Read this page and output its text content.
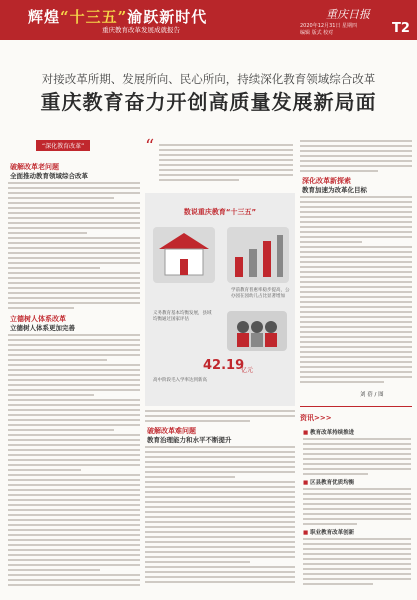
辉煌“十三五”渝跃新时代
重庆教育改革发展成就报告
重庆日报
2020年12月31日 星期四
编辑 版式 校对	T2
对接改革所期、发展所向、民心所向，持续深化教育领域综合改革
重庆教育奋力开创高质量发展新局面
“深化教育改革”
破解改革老问题
全面推动教育领域综合改革
立德树人体系改革
立德树人体系更加完善
“
数说重庆教育“十三五”
学前教育普惠率稳步提高，公办园在园幼儿占比显著增加
义务教育基本均衡发展，县域均衡通过国家评估
42.19
亿元
高中阶段毛入学率达到新高
破解改革难问题
教育治理能力和水平不断提升
深化改革新探索
教育加速为改革化目标
刘 蓓 / 图
资讯>>>
■ 教育改革持续推进
■ 区县教育优质均衡
■ 职业教育改革创新
